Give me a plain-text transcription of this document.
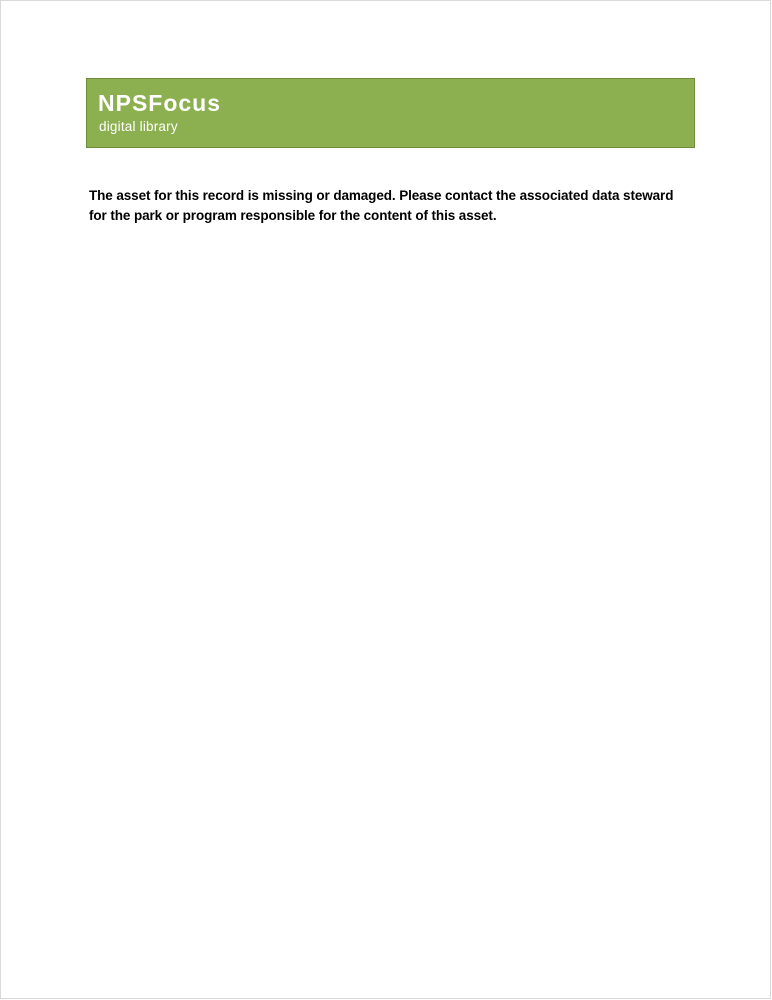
NPSFocus
digital library
The asset for this record is missing or damaged. Please contact the associated data steward for the park or program responsible for the content of this asset.
